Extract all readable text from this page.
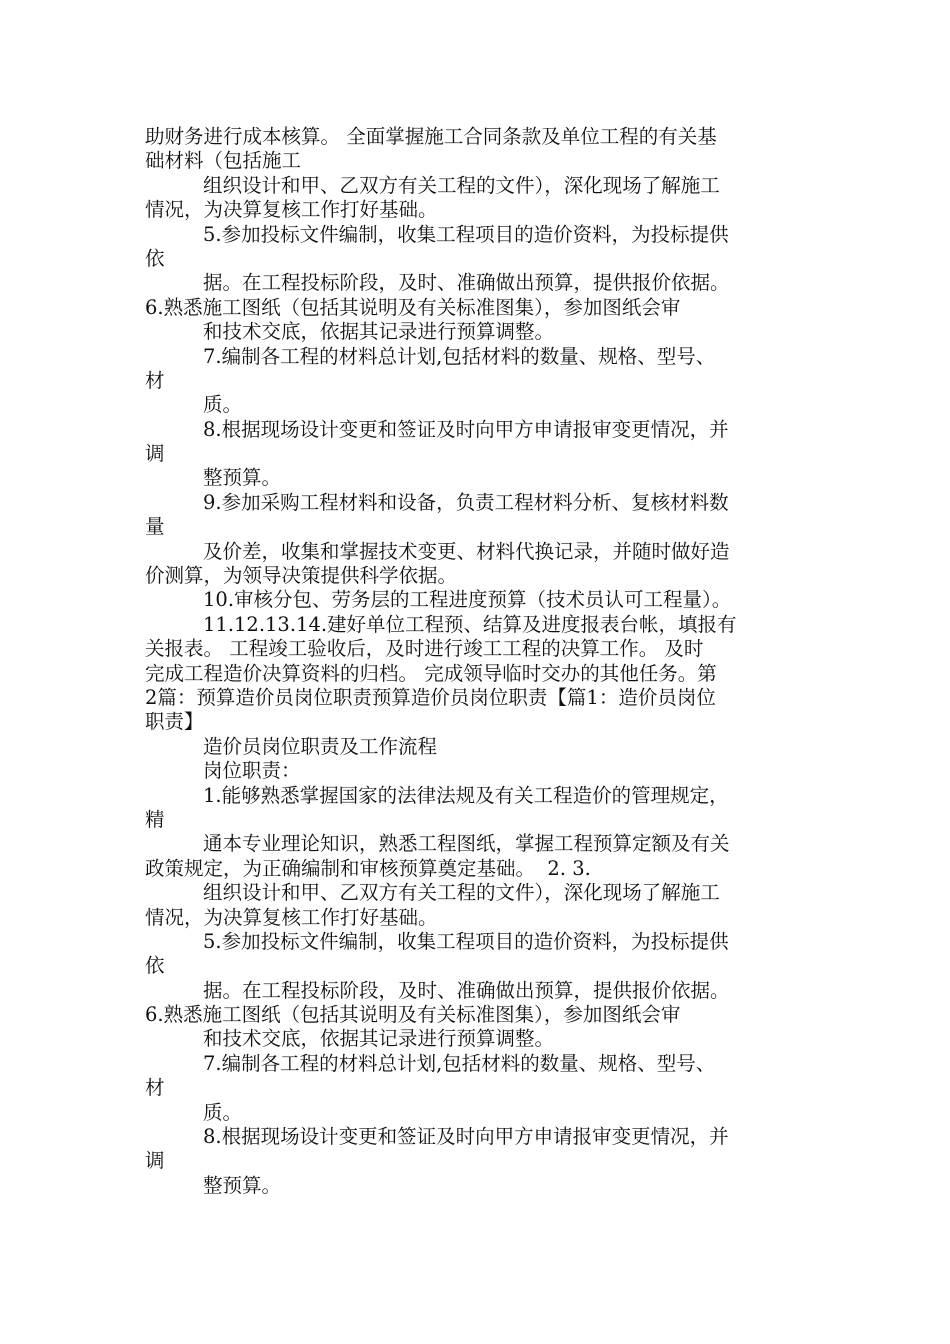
助财务进行成本核算。 全面掌握施工合同条款及单位工程的有关基
础材料（包括施工
组织设计和甲、乙双方有关工程的文件），深化现场了解施工
情况，为决算复核工作打好基础。
5.参加投标文件编制，收集工程项目的造价资料，为投标提供
依
据。在工程投标阶段，及时、准确做出预算，提供报价依据。
6.熟悉施工图纸（包括其说明及有关标准图集），参加图纸会审
和技术交底，依据其记录进行预算调整。
7.编制各工程的材料总计划,包括材料的数量、规格、型号、
材
质。
8.根据现场设计变更和签证及时向甲方申请报审变更情况，并
调
整预算。
9.参加采购工程材料和设备，负责工程材料分析、复核材料数
量
及价差，收集和掌握技术变更、材料代换记录，并随时做好造
价测算，为领导决策提供科学依据。
10.审核分包、劳务层的工程进度预算（技术员认可工程量）。
11.12.13.14.建好单位工程预、结算及进度报表台帐，填报有
关报表。 工程竣工验收后，及时进行竣工工程的决算工作。 及时
完成工程造价决算资料的归档。 完成领导临时交办的其他任务。第
2篇：预算造价员岗位职责预算造价员岗位职责【篇1：造价员岗位
职责】
造价员岗位职责及工作流程
岗位职责：
1.能够熟悉掌握国家的法律法规及有关工程造价的管理规定，
精
通本专业理论知识，熟悉工程图纸，掌握工程预算定额及有关
政策规定，为正确编制和审核预算奠定基础。  2. 3.
组织设计和甲、乙双方有关工程的文件），深化现场了解施工
情况，为决算复核工作打好基础。
5.参加投标文件编制，收集工程项目的造价资料，为投标提供
依
据。在工程投标阶段，及时、准确做出预算，提供报价依据。
6.熟悉施工图纸（包括其说明及有关标准图集），参加图纸会审
和技术交底，依据其记录进行预算调整。
7.编制各工程的材料总计划,包括材料的数量、规格、型号、
材
质。
8.根据现场设计变更和签证及时向甲方申请报审变更情况，并
调
整预算。
